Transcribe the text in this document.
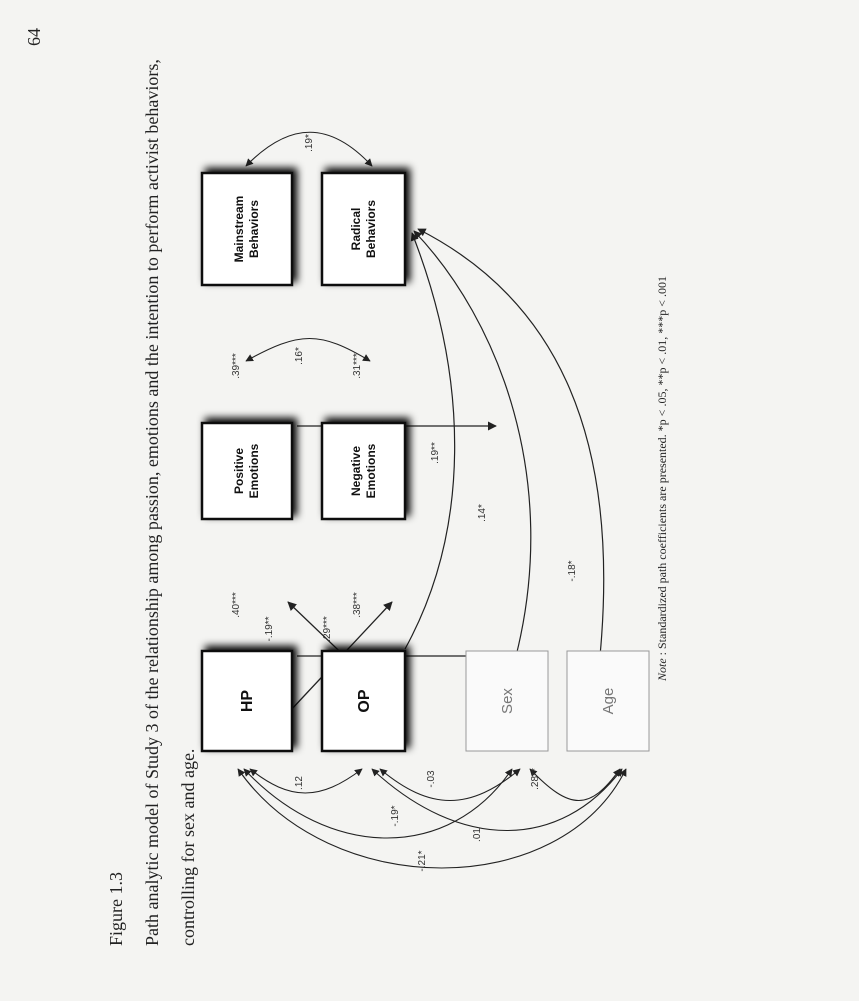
64
Figure 1.3 Path analytic model of Study 3 of the relationship among passion, emotions and the intention to perform activist behaviors, controlling for sex and age.
HP	OP	Sex	Age
Positive Emotions	Negative Emotions
Mainstream Behaviors	Radical Behaviors
.40***
-.19**	.29***
.38***
.39***	.31***
.16*
.19*
.19**
.14*
-.18*
.12	-.03	.28**
.01
-.19*
-.21*
Note : Standardized path coefficients are presented. *p < .05, **p < .01, ***p < .001
